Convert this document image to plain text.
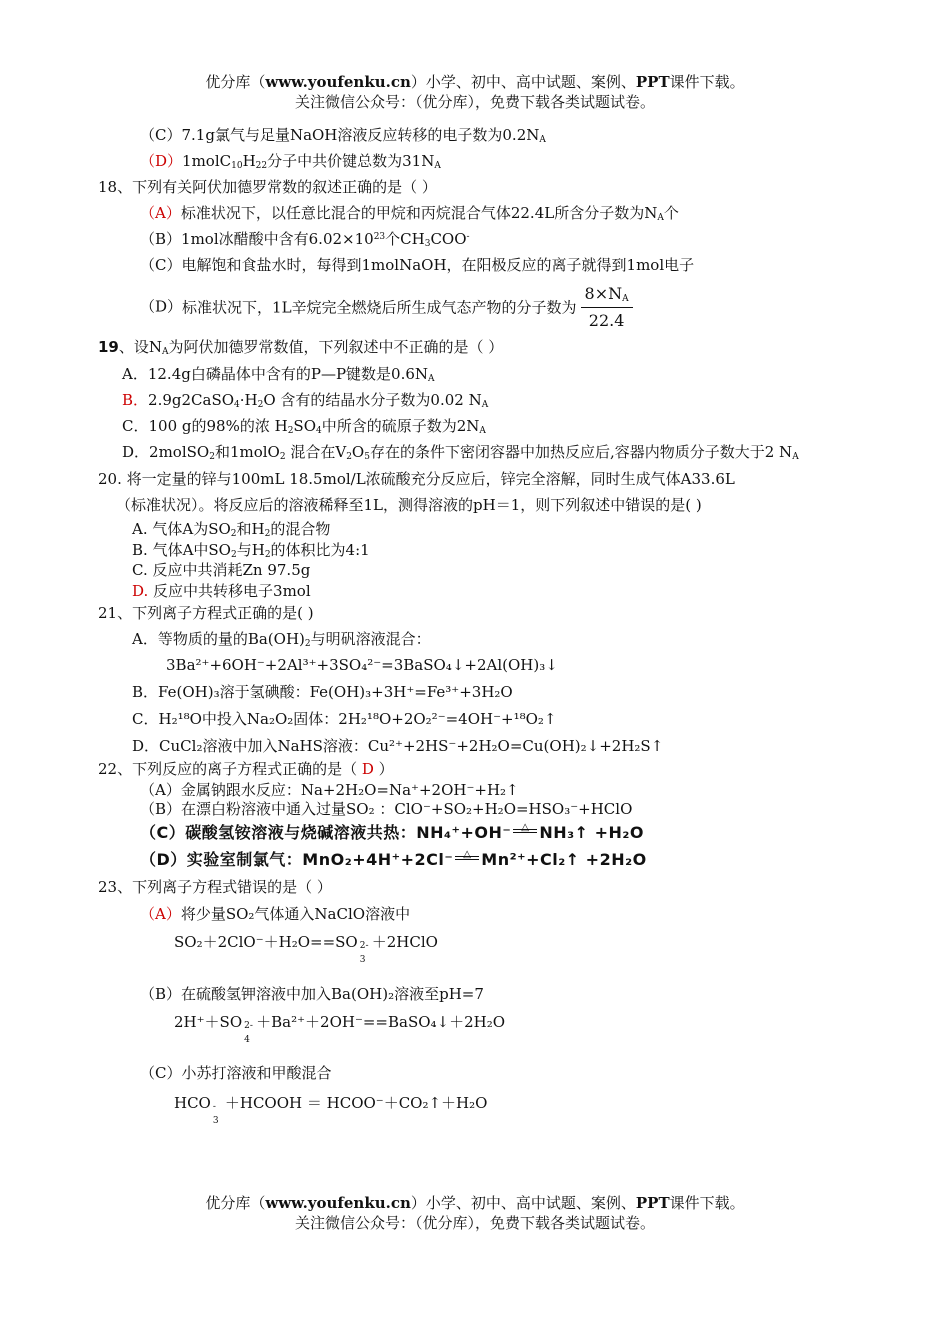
优分库（www.youfenku.cn）小学、初中、高中试题、案例、PPT课件下载。
关注微信公众号：（优分库），免费下载各类试题试卷。
（C）7.1g氯气与足量NaOH溶液反应转移的电子数为$0.2N_A$
$(D)1molC_{10}H_{22}$分子中共价键总数为$31N_A$
18、下列有关阿伏加德罗常数的叙述正确的是（ ）
（A）标准状况下，以任意比混合的甲烷和丙烷混合气体22.4L所含分子数为$N_A$个
（B）1mol冰醋酸中含有$6.02\times 10^{23}$个$CH_3COO^-$
（C）电解饱和食盐水时，每得到1molNaOH，在阳极反应的离子就得到1mol电子
（D）标准状况下，1L辛烷完全燃烧后所生成气态产物的分子数为 $\frac{8\times N_A}{22.4}$
19、设$N_A$为阿伏加德罗常数值，下列叙述中不正确的是（ ）
A．12.4g白磷晶体中含有的P—P键数是$0.6N_A$
B．$2.9g2CaSO_4\cdot H_2O$ 含有的结晶水分子数为0.02 $N_A$
C．100 g的98%的浓 $H_2SO_4$中所含的硫原子数为$2N_A$
D．2molSO$_2$和1molO$_2$ 混合在$V_2O_5$存在的条件下密闭容器中加热反应后,容器内物质分子数大于2 $N_A$
20. 将一定量的锌与100mL 18.5mol/L浓硫酸充分反应后，锌完全溶解，同时生成气体A33.6L
（标准状况）。将反应后的溶液稀释至1L，测得溶液的pH＝1，则下列叙述中错误的是( )
A. 气体A为$SO_2$和$H_2$的混合物
B. 气体A中$SO_2$与$H_2$的体积比为4:1
C. 反应中共消耗Zn 97.5g
D. 反应中共转移电子3mol
21、下列离子方程式正确的是( )
A．等物质的量的$Ba(OH)_2$与明矾溶液混合：
3Ba²⁺+6OH⁻+2Al³⁺+3SO₄²⁻=3BaSO₄↓+2Al(OH)₃↓
B．Fe(OH)₃溶于氢碘酸：Fe(OH)₃+3H⁺=Fe³⁺+3H₂O
C．H₂¹⁸O中投入Na₂O₂固体：2H₂¹⁸O+2O₂²⁻=4OH⁻+¹⁸O₂↑
D．CuCl₂溶液中加入NaHS溶液：Cu²⁺+2HS⁻+2H₂O=Cu(OH)₂↓+2H₂S↑
22、下列反应的离子方程式正确的是（ D ）
（A）金属钠跟水反应：Na+2H₂O=Na⁺+2OH⁻+H₂↑
（B）在漂白粉溶液中通入过量SO₂ ：ClO⁻+SO₂+H₂O=HSO₃⁻+HClO
（C）碳酸氢铵溶液与烧碱溶液共热：NH₄⁺+OH⁻ △ NH₃↑ +H₂O
（D）实验室制氯气：MnO₂+4H⁺+2Cl⁻ △ Mn²⁺+Cl₂↑ +2H₂O
23、下列离子方程式错误的是（ ）
（A）将少量SO₂气体通入NaClO溶液中
SO₂＋2ClO⁻＋H₂O==SO 2-
3
＋2HClO
（B）在硫酸氢钾溶液中加入Ba(OH)₂溶液至pH=7
2H⁺＋SO 2-
4
＋Ba²⁺＋2OH⁻==BaSO₄↓＋2H₂O
（C）小苏打溶液和甲酸混合
HCO -
3
＋HCOOH ＝ HCOO⁻＋CO₂↑＋H₂O
优分库（www.youfenku.cn）小学、初中、高中试题、案例、PPT课件下载。
关注微信公众号：（优分库），免费下载各类试题试卷。
